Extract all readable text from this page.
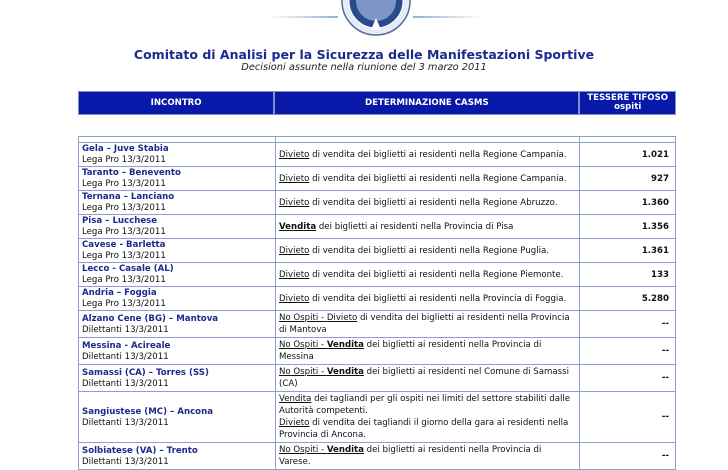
Comitato di Analisi per la Sicurezza delle Manifestazioni Sportive
Decisioni assunte nella riunione del 3 marzo 2011
INCONTRO	DETERMINAZIONE CASMS	TESSERE TIFOSO
ospiti

Gela – Juve Stabia
Lega Pro 13/3/2011	Divieto di vendita dei biglietti ai residenti nella Regione Campania.	1.021

Taranto – Benevento
Lega Pro 13/3/2011	Divieto di vendita dei biglietti ai residenti nella Regione Campania.	927

Ternana – Lanciano
Lega Pro 13/3/2011	Divieto di vendita dei biglietti ai residenti nella Regione Abruzzo.	1.360

Pisa – Lucchese
Lega Pro 13/3/2011	Vendita dei biglietti ai residenti nella Provincia di Pisa	1.356

Cavese - Barletta
Lega Pro 13/3/2011	Divieto di vendita dei biglietti ai residenti nella Regione Puglia.	1.361

Lecco - Casale (AL)
Lega Pro 13/3/2011	Divieto di vendita dei biglietti ai residenti nella Regione Piemonte.	133

Andria – Foggia
Lega Pro 13/3/2011	Divieto di vendita dei biglietti ai residenti nella Provincia di Foggia.	5.280

Alzano Cene (BG) – Mantova
Dilettanti 13/3/2011	No Ospiti - Divieto di vendita dei biglietti ai residenti nella Provincia di Mantova	--

Messina - Acireale
Dilettanti 13/3/2011	No Ospiti - Vendita dei biglietti ai residenti nella Provincia di Messina	--

Samassi (CA) – Torres (SS)
Dilettanti 13/3/2011	No Ospiti - Vendita dei biglietti ai residenti nel Comune di Samassi (CA)	--

Sangiustese (MC) – Ancona
Dilettanti 13/3/2011	Vendita dei tagliandi per gli ospiti nei limiti del settore stabiliti dalle Autorità competenti.
Divieto di vendita dei tagliandi il giorno della gara ai residenti nella Provincia di Ancona.	--

Solbiatese (VA) – Trento
Dilettanti 13/3/2011	No Ospiti - Vendita dei biglietti ai residenti nella Provincia di Varese.	--
